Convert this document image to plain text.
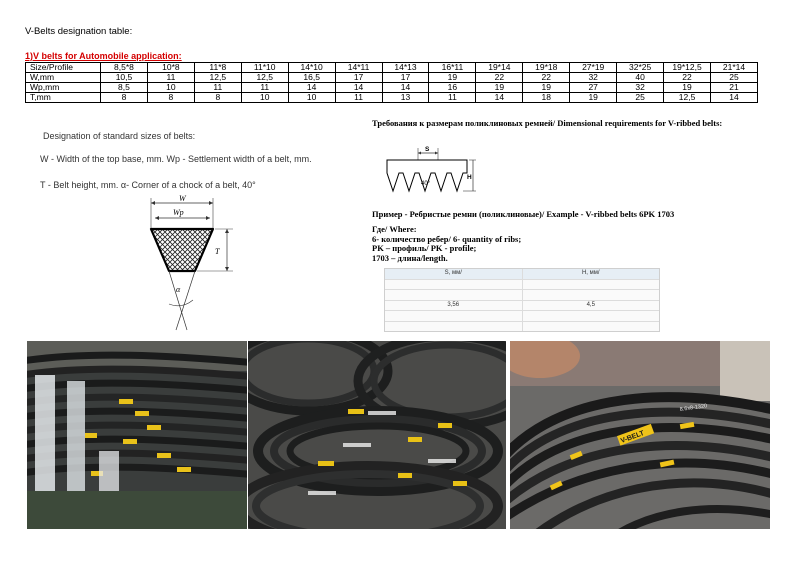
V-Belts designation table:
1)V belts for Automobile application:
Size/Profile	8,5*8	10*8	11*8	11*10	14*10	14*11	14*13	16*11	19*14	19*18	27*19	32*25	19*12,5	21*14
W,mm	10,5	11	12,5	12,5	16,5	17	17	19	22	22	32	40	22	25
Wp,mm	8,5	10	11	11	14	14	14	16	19	19	27	32	19	21
T,mm	8	8	8	10	10	11	13	11	14	18	19	25	12,5	14
Designation of standard sizes of belts:
W - Width of the top base, mm. Wp - Settlement width of a belt, mm.
T - Belt height, mm. α- Corner of a chock of a belt, 40°
W
Wp
T
α
Требования к размерам поликлиновых ремней/ Dimensional requirements for V-ribbed belts:
S
40°
H
Пример - Ребристые ремни (поликлиновые)/ Example - V-ribbed belts 6PK 1703
Где/ Where:
6- количество ребер/ 6- quantity of ribs;
PK – профиль/ PK - profile;
1703 – длина/length.
S, мм/	H, мм/
3,56	4,5
V-BELT
8.6x8-1320
